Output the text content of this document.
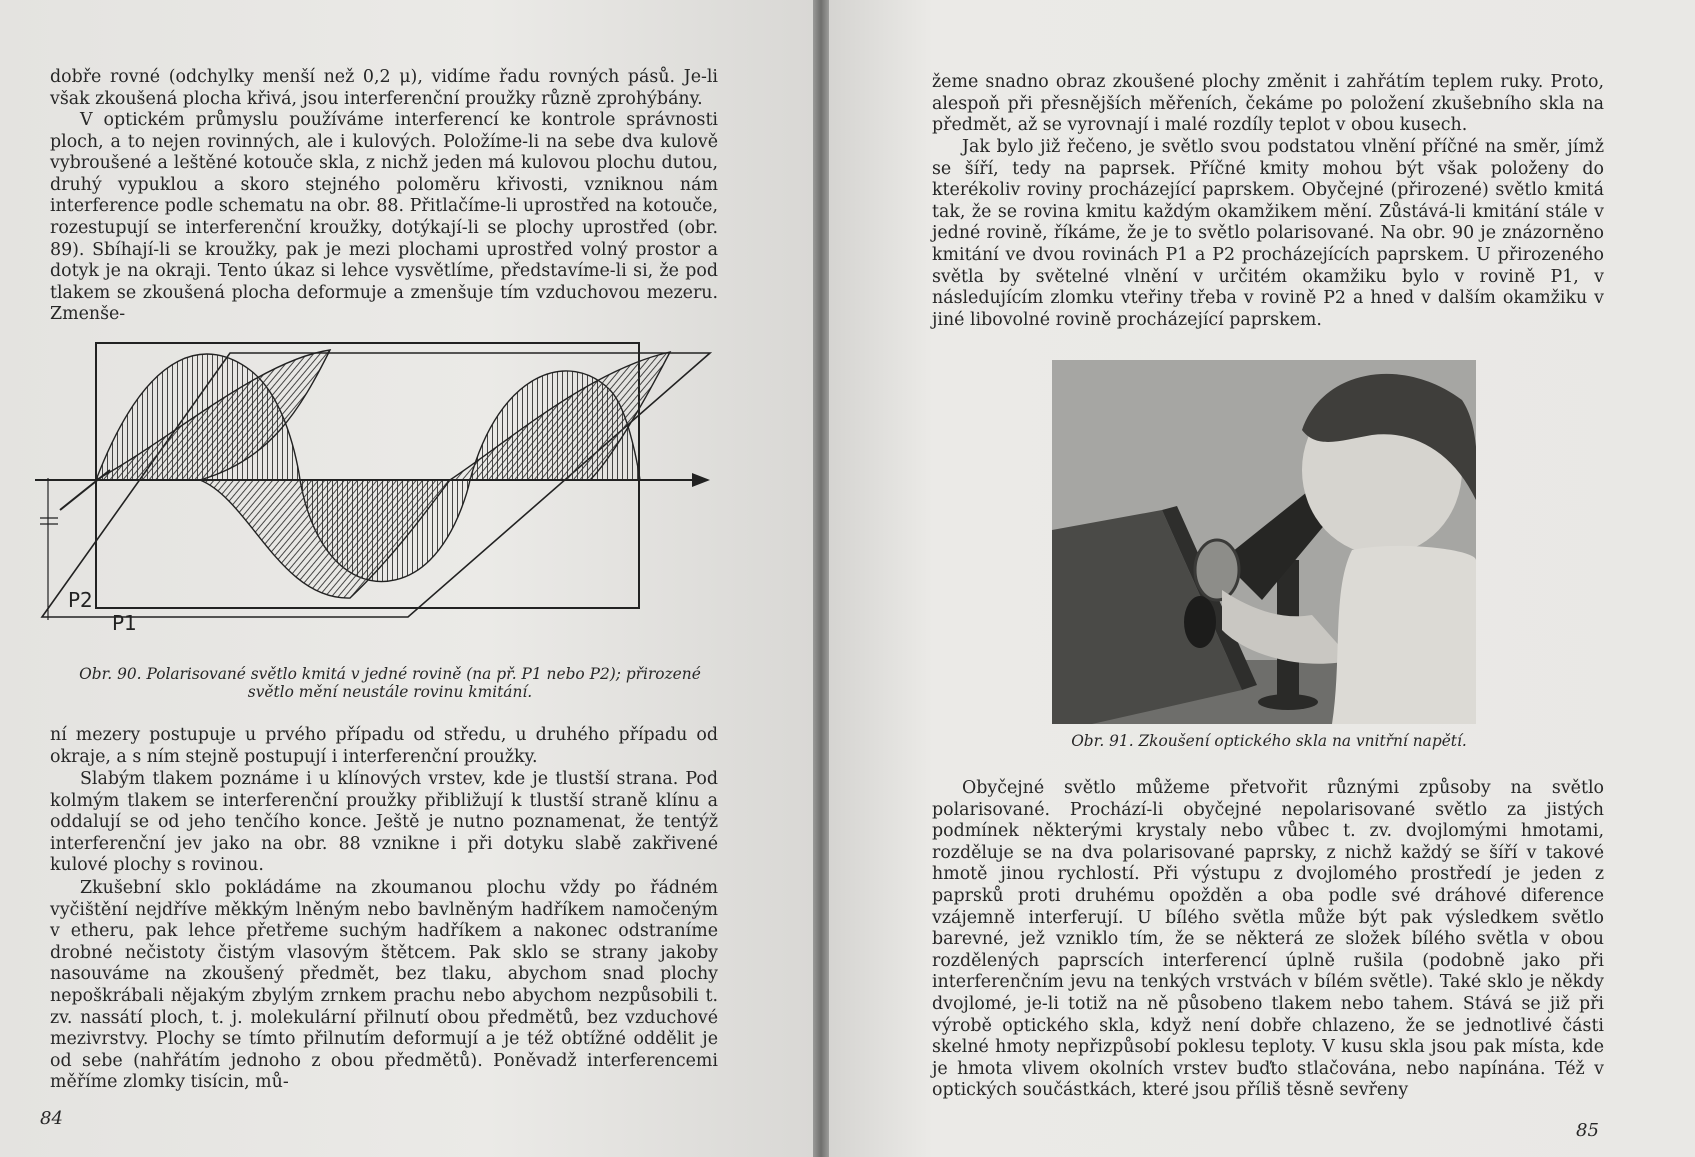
dobře rovné (odchylky menší než 0,2 μ), vidíme řadu rovných pásů. Je-li však zkoušená plocha křivá, jsou interferenční proužky různě zprohýbány.

V optickém průmyslu používáme interferencí ke kontrole správnosti ploch, a to nejen rovinných, ale i kulových. Položíme-li na sebe dva kulově vybroušené a leštěné kotouče skla, z nichž jeden má kulovou plochu dutou, druhý vypuklou a skoro stejného poloměru křivosti, vzniknou nám interference podle schematu na obr. 88. Přitlačíme-li uprostřed na kotouče, rozestupují se interferenční kroužky, dotýkají-li se plochy uprostřed (obr. 89). Sbíhají-li se kroužky, pak je mezi plochami uprostřed volný prostor a dotyk je na okraji. Tento úkaz si lehce vysvětlíme, představíme-li si, že pod tlakem se zkoušená plocha deformuje a zmenšuje tím vzduchovou mezeru. Zmenše-

P2
P1

Obr. 90. Polarisované světlo kmitá v jedné rovině (na př. P1 nebo P2); přirozené

světlo mění neustále rovinu kmitání.

ní mezery postupuje u prvého případu od středu, u druhého případu od okraje, a s ním stejně postupují i interferenční proužky.

Slabým tlakem poznáme i u klínových vrstev, kde je tlustší strana. Pod kolmým tlakem se interferenční proužky přibližují k tlustší straně klínu a oddalují se od jeho tenčího konce. Ještě je nutno poznamenat, že tentýž interferenční jev jako na obr. 88 vznikne i při dotyku slabě zakřivené kulové plochy s rovinou.

Zkušební sklo pokládáme na zkoumanou plochu vždy po řádném vyčištění nejdříve měkkým lněným nebo bavlněným hadříkem namočeným v etheru, pak lehce přetřeme suchým hadříkem a nakonec odstraníme drobné nečistoty čistým vlasovým štětcem. Pak sklo se strany jakoby nasouváme na zkoušený předmět, bez tlaku, abychom snad plochy nepoškrábali nějakým zbylým zrnkem prachu nebo abychom nezpůsobili t. zv. nassátí ploch, t. j. molekulární přilnutí obou předmětů, bez vzduchové mezivrstvy. Plochy se tímto přilnutím deformují a je též obtížné oddělit je od sebe (nahřátím jednoho z obou předmětů). Poněvadž interferencemi měříme zlomky tisícin, mů-

84

žeme snadno obraz zkoušené plochy změnit i zahřátím teplem ruky. Proto, alespoň při přesnějších měřeních, čekáme po položení zkušebního skla na předmět, až se vyrovnají i malé rozdíly teplot v obou kusech.

Jak bylo již řečeno, je světlo svou podstatou vlnění příčné na směr, jímž se šíří, tedy na paprsek. Příčné kmity mohou být však položeny do kterékoliv roviny procházející paprskem. Obyčejné (přirozené) světlo kmitá tak, že se rovina kmitu každým okamžikem mění. Zůstává-li kmitání stále v jedné rovině, říkáme, že je to světlo polarisované. Na obr. 90 je znázorněno kmitání ve dvou rovinách P1 a P2 procházejících paprskem. U přirozeného světla by světelné vlnění v určitém okamžiku bylo v rovině P1, v následujícím zlomku vteřiny třeba v rovině P2 a hned v dalším okamžiku v jiné libovolné rovině procházející paprskem.

Obr. 91. Zkoušení optického skla na vnitřní napětí.

Obyčejné světlo můžeme přetvořit různými způsoby na světlo polarisované. Prochází-li obyčejné nepolarisované světlo za jistých podmínek některými krystaly nebo vůbec t. zv. dvojlomými hmotami, rozděluje se na dva polarisované paprsky, z nichž každý se šíří v takové hmotě jinou rychlostí. Při výstupu z dvojlomého prostředí je jeden z paprsků proti druhému opožděn a oba podle své dráhové diference vzájemně interferují. U bílého světla může být pak výsledkem světlo barevné, jež vzniklo tím, že se některá ze složek bílého světla v obou rozdělených paprscích interferencí úplně rušila (podobně jako při interferenčním jevu na tenkých vrstvách v bílém světle). Také sklo je někdy dvojlomé, je-li totiž na ně působeno tlakem nebo tahem. Stává se již při výrobě optického skla, když není dobře chlazeno, že se jednotlivé části skelné hmoty nepřizpůsobí poklesu teploty. V kusu skla jsou pak místa, kde je hmota vlivem okolních vrstev buďto stlačována, nebo napínána. Též v optických součástkách, které jsou příliš těsně sevřeny

85
